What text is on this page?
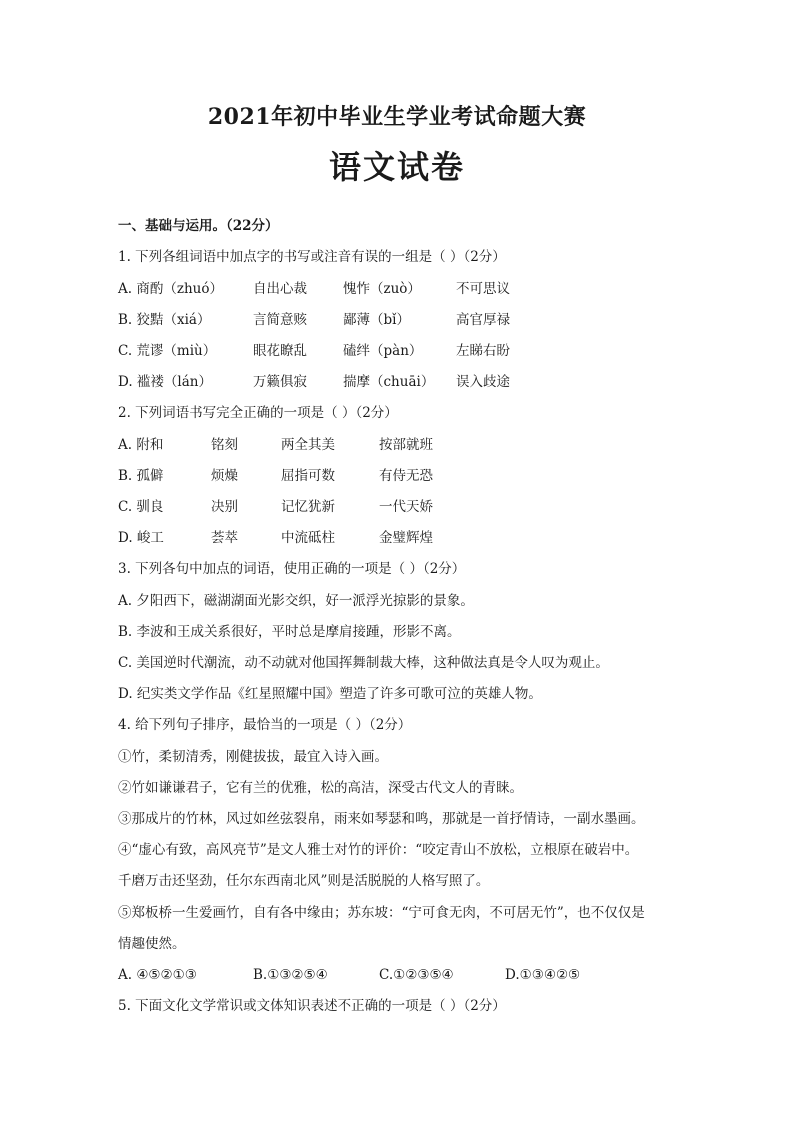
2021年初中毕业生学业考试命题大赛
语文试卷
一、基础与运用。（22分）
1. 下列各组词语中加点字的书写或注音有误的一组是（ ）（2分）
A. 商酌（zhuó） 自出心裁	愧怍（zuò）	不可思议
B. 狡黠（xiá）	言简意赅	鄙薄（bǐ）	高官厚禄
C. 荒谬（miù）	眼花瞭乱	磕绊（pàn） 左睇右盼
D. 褴褛（lán）	万籁俱寂	揣摩（chuāi） 误入歧途
2. 下列词语书写完全正确的一项是（ ）（2分）
A. 附和	铭刻	两全其美	按部就班
B. 孤僻	烦燥	屈指可数	有侍无恐
C. 驯良	决别	记忆犹新	一代天娇
D. 峻工	荟萃	中流砥柱	金璧辉煌
3. 下列各句中加点的词语，使用正确的一项是（ ）（2分）
A. 夕阳西下，磁湖湖面光影交织，好一派浮光掠影的景象。
B. 李波和王成关系很好，平时总是摩肩接踵，形影不离。
C. 美国逆时代潮流，动不动就对他国挥舞制裁大棒，这种做法真是令人叹为观止。
D. 纪实类文学作品《红星照耀中国》塑造了许多可歌可泣的英雄人物。
4. 给下列句子排序，最恰当的一项是（ ）（2分）
①竹，柔韧清秀，刚健拔拔，最宜入诗入画。
②竹如谦谦君子，它有兰的优雅，松的高洁，深受古代文人的青睐。
③那成片的竹林，风过如丝弦裂帛，雨来如琴瑟和鸣，那就是一首抒情诗，一副水墨画。
④“虚心有致，高风亮节”是文人雅士对竹的评价：“咬定青山不放松，立根原在破岩中。
千磨万击还坚劲，任尔东西南北风”则是活脱脱的人格写照了。
⑤郑板桥一生爱画竹，自有各中缘由；苏东坡：“宁可食无肉，不可居无竹”，也不仅仅是
情趣使然。
A. ④⑤②①③	B.①③②⑤④	C.①②③⑤④	D.①③④②⑤
5. 下面文化文学常识或文体知识表述不正确的一项是（ ）（2分）
